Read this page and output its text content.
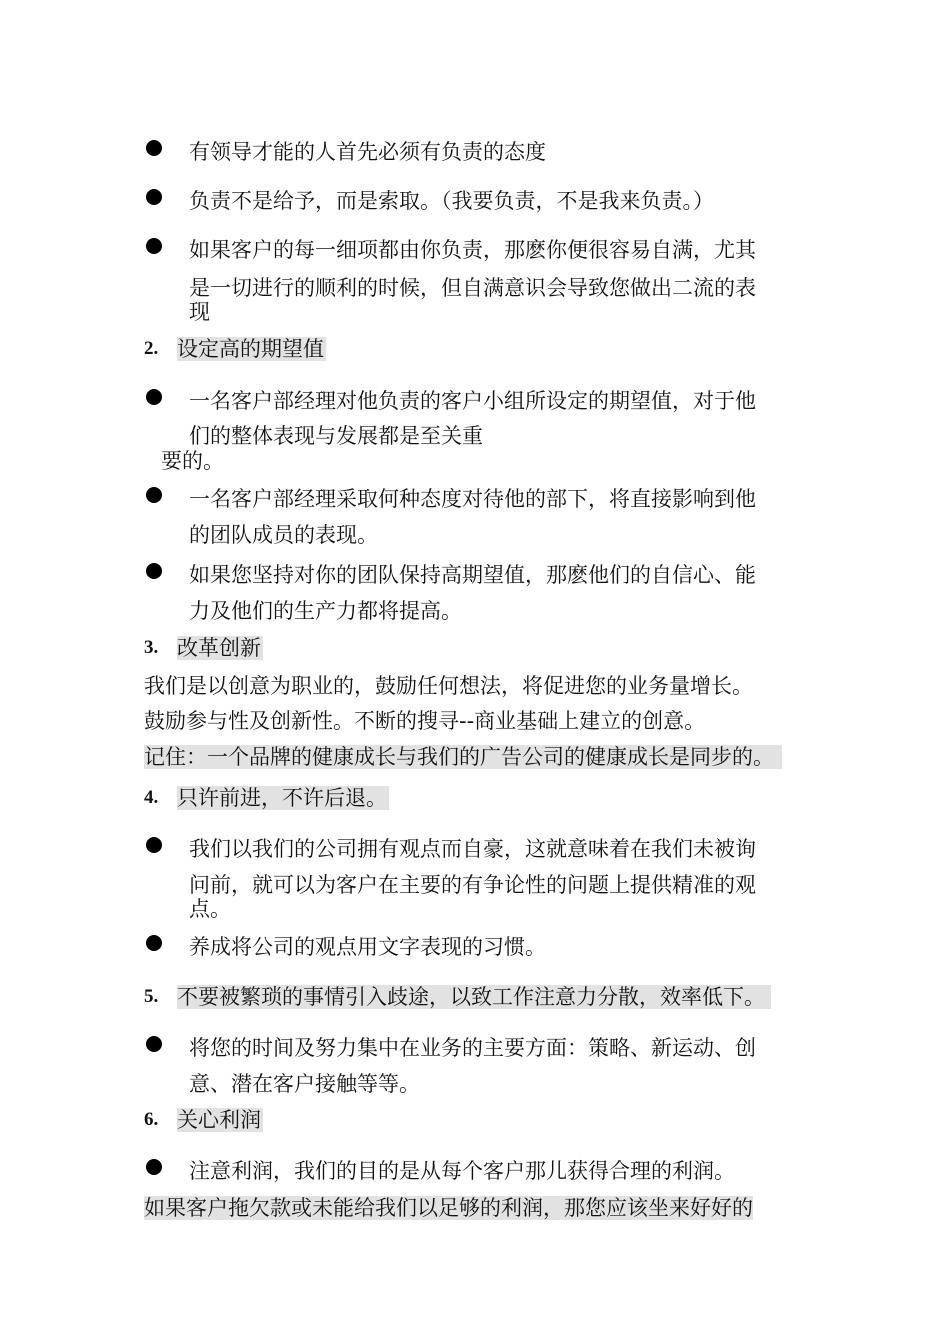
有领导才能的人首先必须有负责的态度
负责不是给予，而是索取。（我要负责，不是我来负责。）
如果客户的每一细项都由你负责，那麽你便很容易自满，尤其
是一切进行的顺利的时候，但自满意识会导致您做出二流的表
现
2. 设定高的期望值
一名客户部经理对他负责的客户小组所设定的期望值，对于他
们的整体表现与发展都是至关重
要的。
一名客户部经理采取何种态度对待他的部下，将直接影响到他
的团队成员的表现。
如果您坚持对你的团队保持高期望值，那麽他们的自信心、能
力及他们的生产力都将提高。
3. 改革创新
我们是以创意为职业的，鼓励任何想法，将促进您的业务量增长。
鼓励参与性及创新性。不断的搜寻--商业基础上建立的创意。
记住：一个品牌的健康成长与我们的广告公司的健康成长是同步的。
4. 只许前进，不许后退。
我们以我们的公司拥有观点而自豪，这就意味着在我们未被询
问前，就可以为客户在主要的有争论性的问题上提供精准的观
点。
养成将公司的观点用文字表现的习惯。
5. 不要被繁琐的事情引入歧途，以致工作注意力分散，效率低下。
将您的时间及努力集中在业务的主要方面：策略、新运动、创
意、潜在客户接触等等。
6. 关心利润
注意利润，我们的目的是从每个客户那儿获得合理的利润。
如果客户拖欠款或未能给我们以足够的利润，那您应该坐来好好的
